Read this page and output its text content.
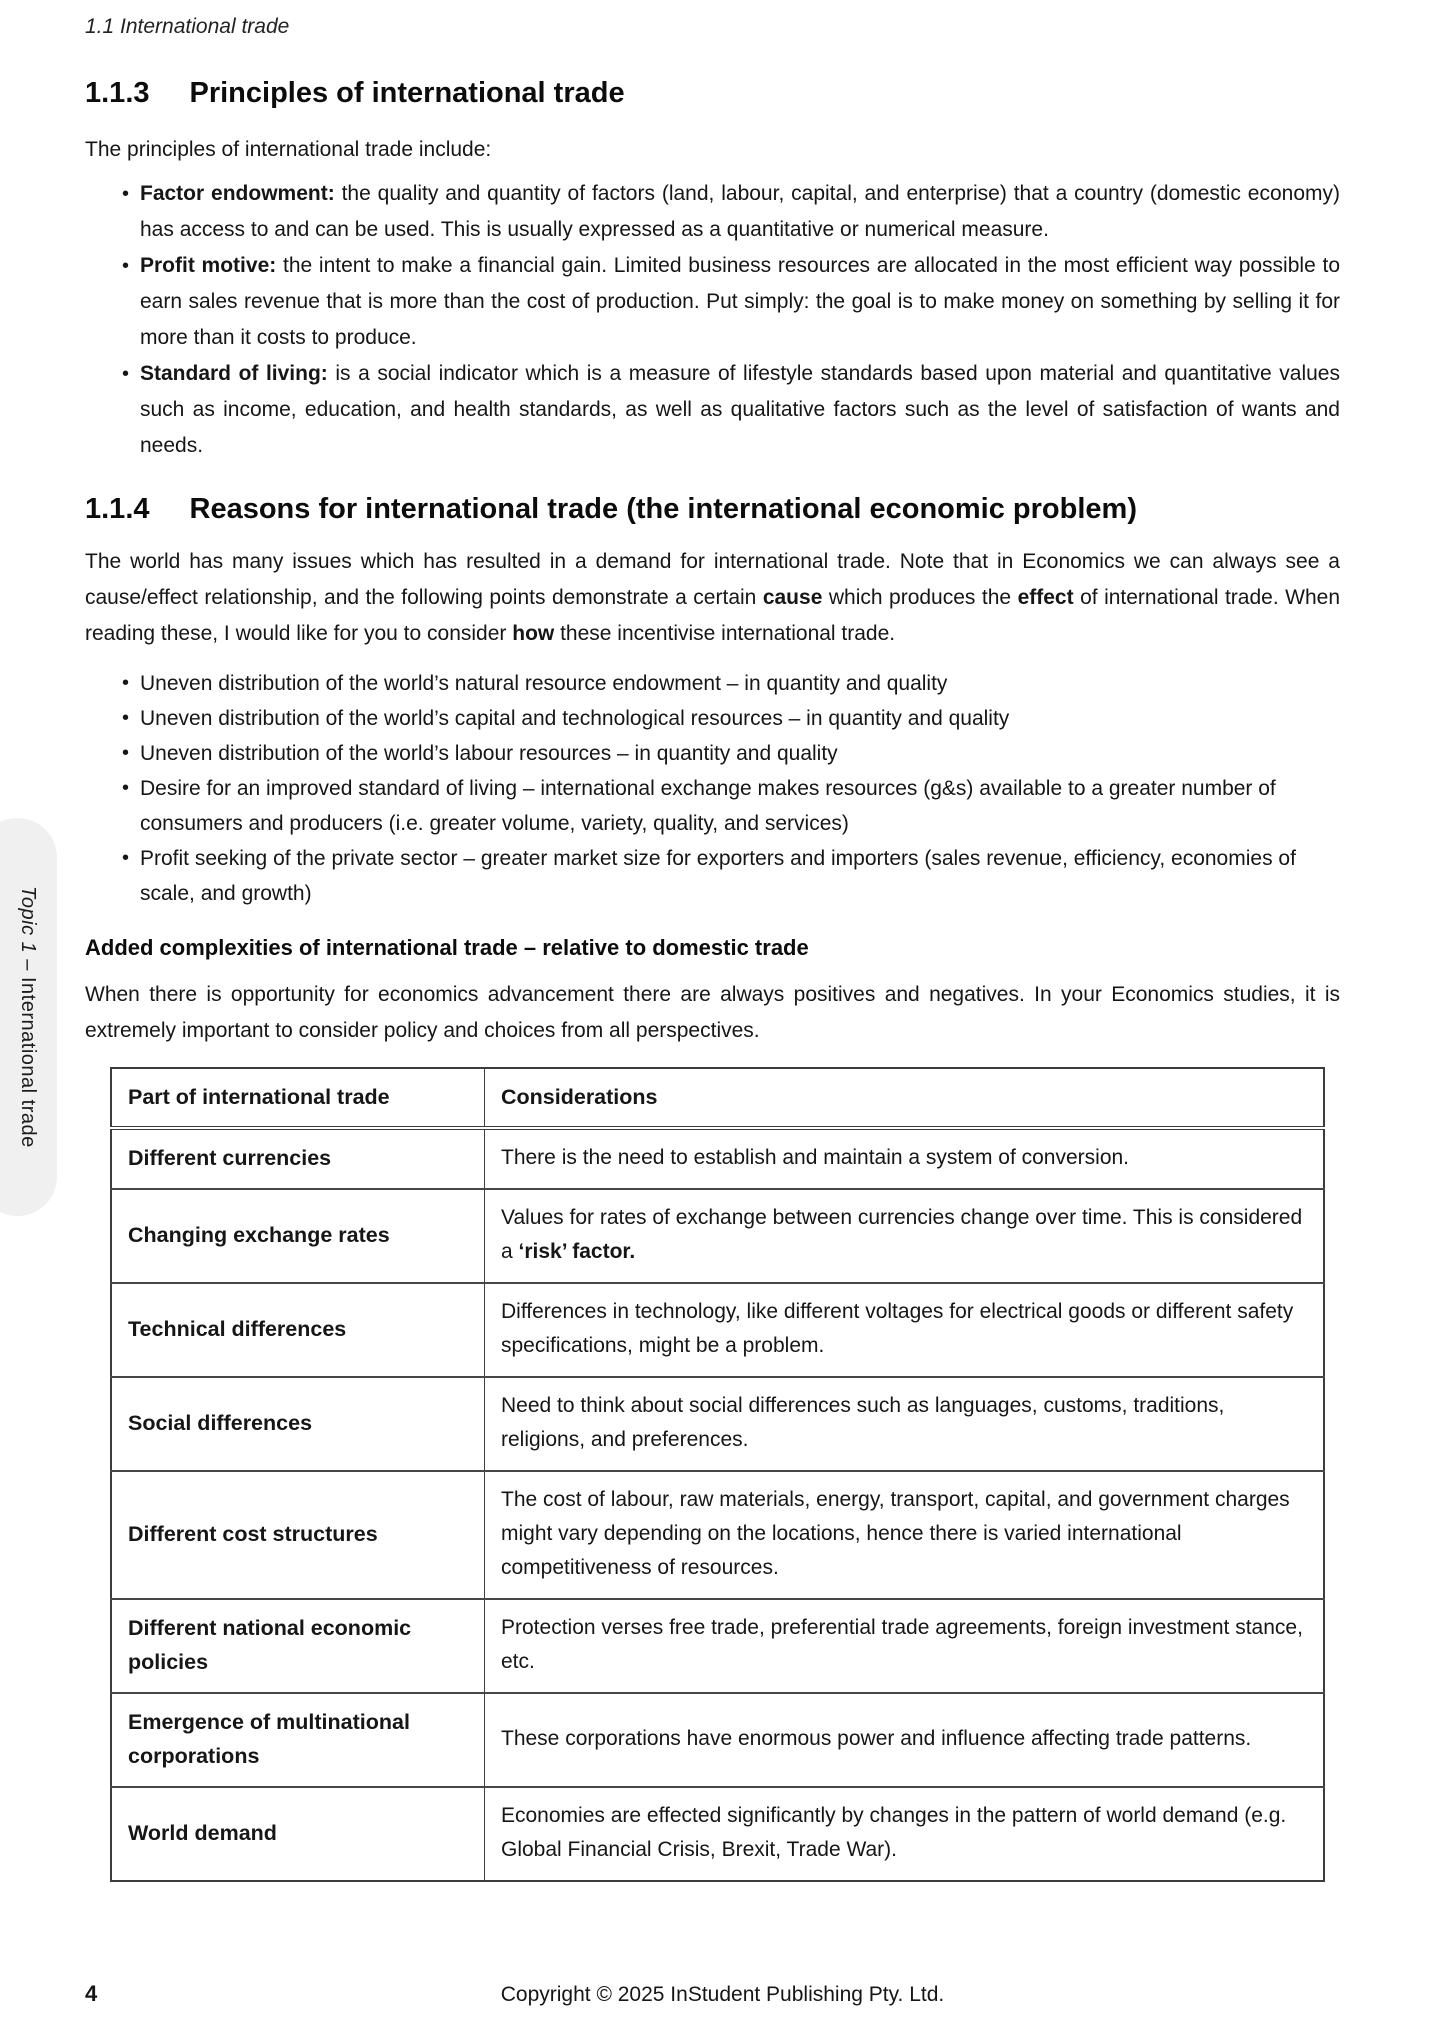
1.1 International trade
1.1.3 Principles of international trade

The principles of international trade include:

• Factor endowment: the quality and quantity of factors (land, labour, capital, and enterprise) that a country (domestic economy) has access to and can be used. This is usually expressed as a quantitative or numerical measure.
• Profit motive: the intent to make a financial gain. Limited business resources are allocated in the most efficient way possible to earn sales revenue that is more than the cost of production. Put simply: the goal is to make money on something by selling it for more than it costs to produce.
• Standard of living: is a social indicator which is a measure of lifestyle standards based upon material and quantitative values such as income, education, and health standards, as well as qualitative factors such as the level of satisfaction of wants and needs.
1.1.4 Reasons for international trade (the international economic problem)

The world has many issues which has resulted in a demand for international trade. Note that in Economics we can always see a cause/effect relationship, and the following points demonstrate a certain cause which produces the effect of international trade. When reading these, I would like for you to consider how these incentivise international trade.

• Uneven distribution of the world’s natural resource endowment – in quantity and quality
• Uneven distribution of the world’s capital and technological resources – in quantity and quality
• Uneven distribution of the world’s labour resources – in quantity and quality
• Desire for an improved standard of living – international exchange makes resources (g&s) available to a greater number of consumers and producers (i.e. greater volume, variety, quality, and services)
• Profit seeking of the private sector – greater market size for exporters and importers (sales revenue, efficiency, economies of scale, and growth)
Added complexities of international trade – relative to domestic trade

When there is opportunity for economics advancement there are always positives and negatives. In your Economics studies, it is extremely important to consider policy and choices from all perspectives.

Part of international trade	Considerations
Different currencies	There is the need to establish and maintain a system of conversion.
Changing exchange rates	Values for rates of exchange between currencies change over time. This is considered a ‘risk’ factor.
Technical differences	Differences in technology, like different voltages for electrical goods or different safety specifications, might be a problem.
Social differences	Need to think about social differences such as languages, customs, traditions, religions, and preferences.
Different cost structures	The cost of labour, raw materials, energy, transport, capital, and government charges might vary depending on the locations, hence there is varied international competitiveness of resources.
Different national economic policies	Protection verses free trade, preferential trade agreements, foreign investment stance, etc.
Emergence of multinational corporations	These corporations have enormous power and influence affecting trade patterns.
World demand	Economies are effected significantly by changes in the pattern of world demand (e.g. Global Financial Crisis, Brexit, Trade War).
Topic 1 – International trade
4	Copyright © 2025 InStudent Publishing Pty. Ltd.
